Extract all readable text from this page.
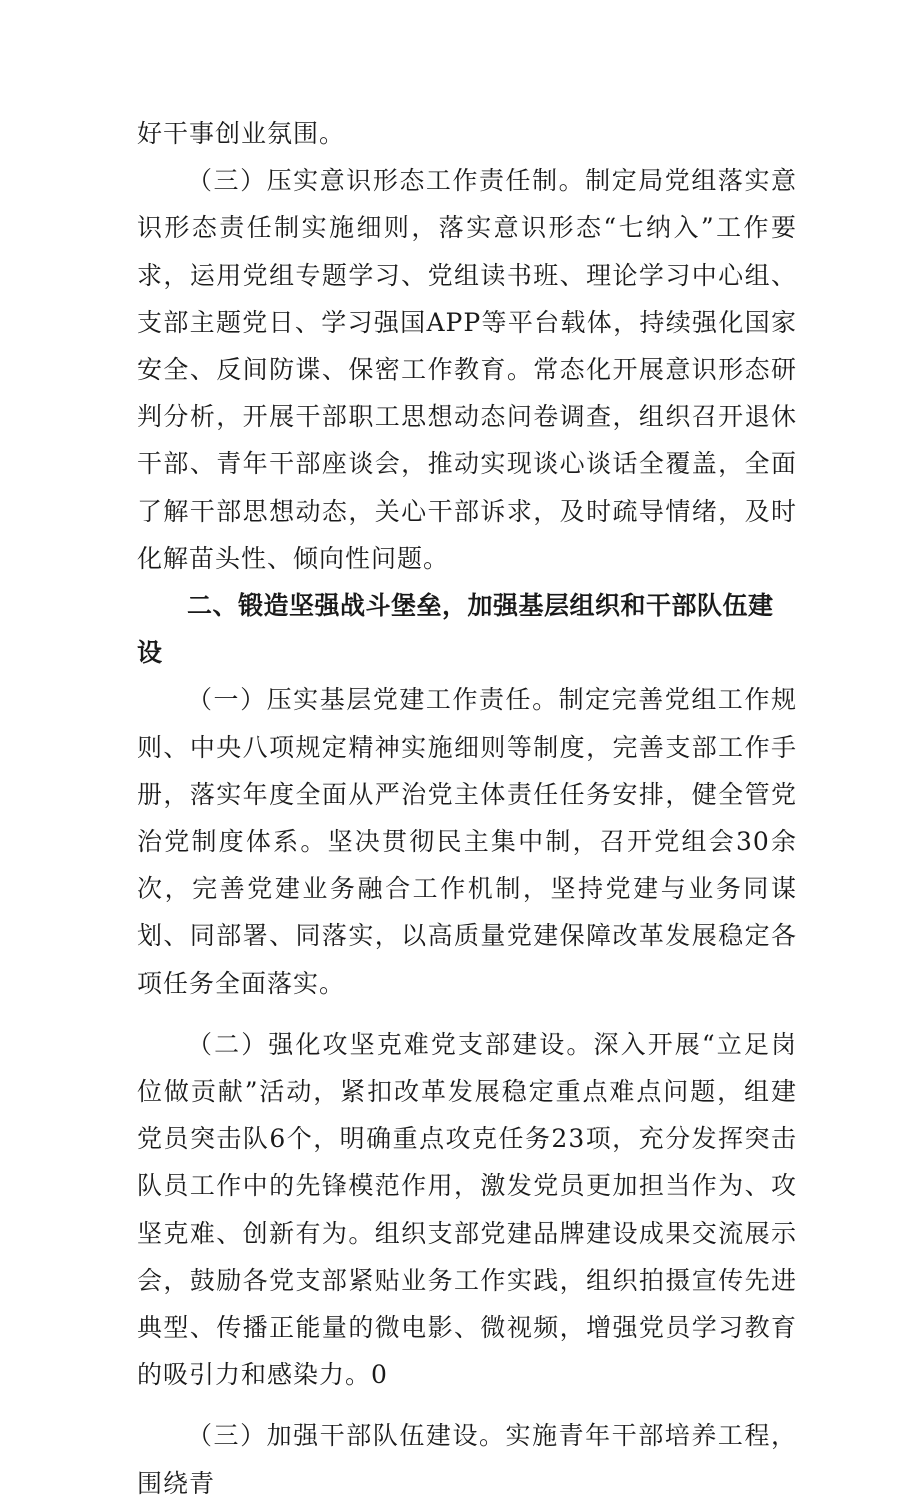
好干事创业氛围。

（三）压实意识形态工作责任制。制定局党组落实意识形态责任制实施细则，落实意识形态“七纳入”工作要求，运用党组专题学习、党组读书班、理论学习中心组、支部主题党日、学习强国APP等平台载体，持续强化国家安全、反间防谍、保密工作教育。常态化开展意识形态研判分析，开展干部职工思想动态问卷调查，组织召开退休干部、青年干部座谈会，推动实现谈心谈话全覆盖，全面了解干部思想动态，关心干部诉求，及时疏导情绪，及时化解苗头性、倾向性问题。

二、锻造坚强战斗堡垒，加强基层组织和干部队伍建设

（一）压实基层党建工作责任。制定完善党组工作规则、中央八项规定精神实施细则等制度，完善支部工作手册，落实年度全面从严治党主体责任任务安排，健全管党治党制度体系。坚决贯彻民主集中制，召开党组会30余次，完善党建业务融合工作机制，坚持党建与业务同谋划、同部署、同落实，以高质量党建保障改革发展稳定各项任务全面落实。

（二）强化攻坚克难党支部建设。深入开展“立足岗位做贡献”活动，紧扣改革发展稳定重点难点问题，组建党员突击队6个，明确重点攻克任务23项，充分发挥突击队员工作中的先锋模范作用，激发党员更加担当作为、攻坚克难、创新有为。组织支部党建品牌建设成果交流展示会，鼓励各党支部紧贴业务工作实践，组织拍摄宣传先进典型、传播正能量的微电影、微视频，增强党员学习教育的吸引力和感染力。0

（三）加强干部队伍建设。实施青年干部培养工程，围绕青
